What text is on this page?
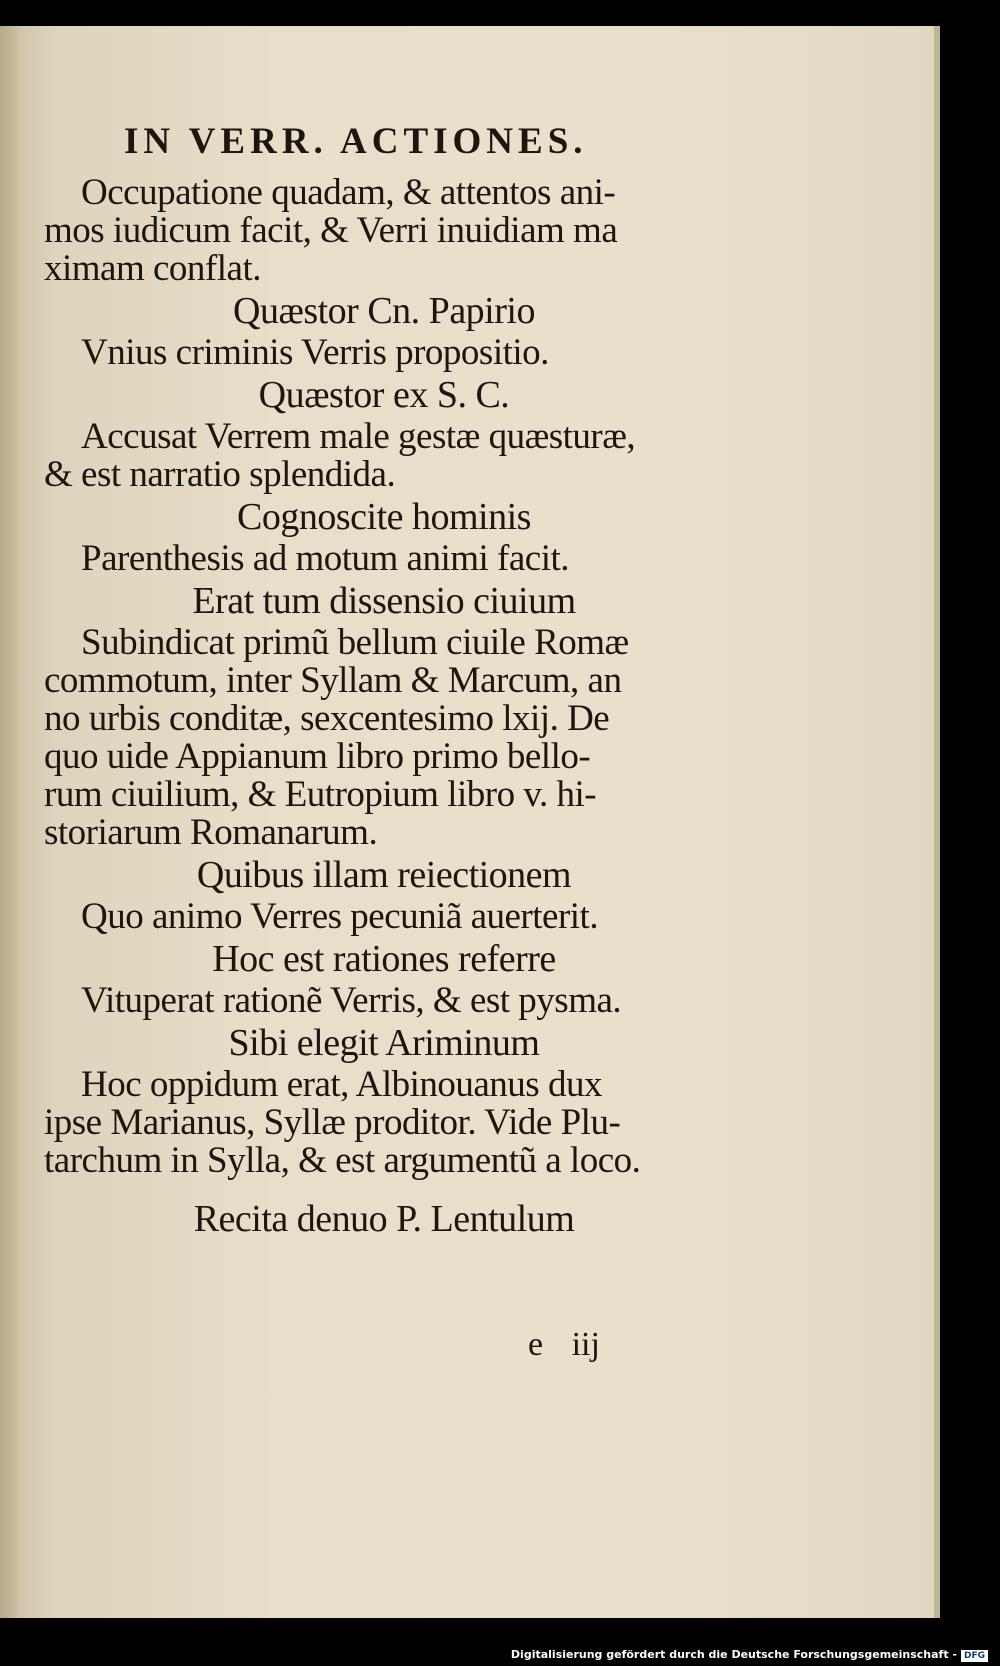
IN VERR. ACTIONES.
Occupatione quadam, & attentos ani-
mos iudicum facit, & Verri inuidiam ma
ximam conflat.
Quæstor Cn. Papirio
Vnius criminis Verris propositio.
Quæstor ex S. C.
Accusat Verrem male gestæ quæsturæ,
& est narratio splendida.
Cognoscite hominis
Parenthesis ad motum animi facit.
Erat tum dissensio ciuium
Subindicat primũ bellum ciuile Romæ
commotum, inter Syllam & Marcum, an
no urbis conditæ, sexcentesimo lxij. De
quo uide Appianum libro primo bello-
rum ciuilium, & Eutropium libro v. hi-
storiarum Romanarum.
Quibus illam reiectionem
Quo animo Verres pecuniã auerterit.
Hoc est rationes referre
Vituperat rationẽ Verris, & est pysma.
Sibi elegit Ariminum
Hoc oppidum erat, Albinouanus dux
ipse Marianus, Syllæ proditor. Vide Plu-
tarchum in Sylla, & est argumentũ a loco.
Recita denuo P. Lentulum
e iij
Digitalisierung gefördert durch die Deutsche Forschungsgemeinschaft - DFG
